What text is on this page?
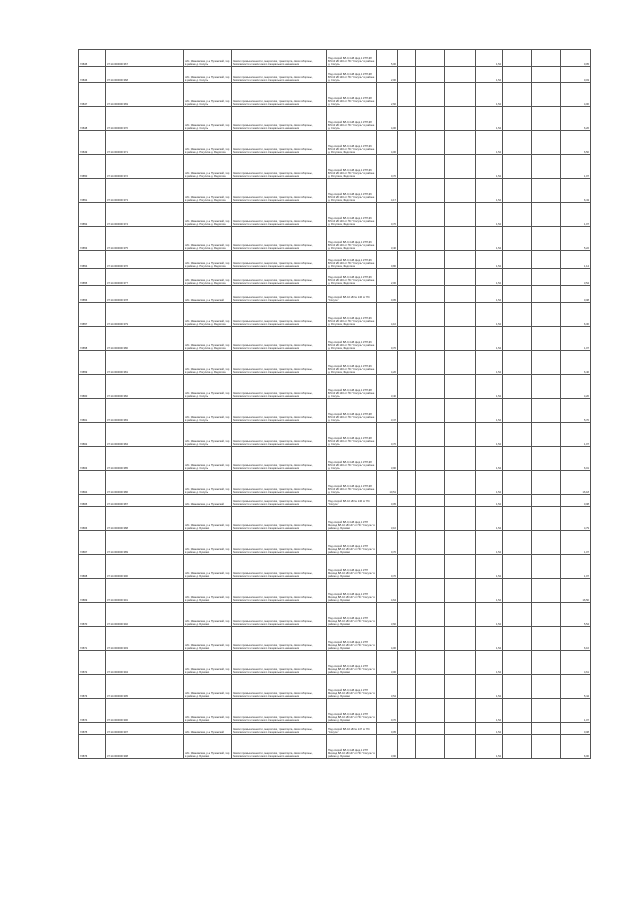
72845	37:14:000000:367	обл. Ивановская, р-н Пучежский, тер в районе д. Сосуль	Земли промышленности, энергетики, транспорта, связи обороны, безопасности и земли иного специального назначения	Под опорой ВЛ-0,4 кВ фид.1 КТП-98 ВЛ-10 кВ 146 от ПС "Сосуль" в районе д. Сосуль	5,00				1,54			0,05
72846	37:14:000000:368	обл. Ивановская, р-н Пучежский, тер в районе д. Сосуль	Земли промышленности, энергетики, транспорта, связи обороны, безопасности и земли иного специального назначения	Под опорой ВЛ-0,4 кВ фид.1 КТП-98 ВЛ-10 кВ 146 от ПС "Сосуль" в районе д. Сосуль	2,00				1,54			0,03
72847	37:14:000000:369	обл. Ивановская, р-н Пучежский, тер в районе д. Сосуль	Земли промышленности, энергетики, транспорта, связи обороны, безопасности и земли иного специального назначения	Под опорой ВЛ-0,4 кВ фид.1 КТП-98 ВЛ-10 кВ 146 от ПС "Сосуль" в районе д. Сосуль	2,60				1,54			4,00
72848	37:14:000000:370	обл. Ивановская, р-н Пучежский, тер в районе д. Сосуль	Земли промышленности, энергетики, транспорта, связи обороны, безопасности и земли иного специального назначения	Под опорой ВЛ-0,4 кВ фид.1 КТП-98 ВЛ-10 кВ 146 от ПС "Сосуль" в районе д. Сосуль	4,00				1,54			6,26
72849	37:14:000000:371	обл. Ивановская, р-н Пучежский, тер в районе д. Рогулиха д. Федотиха	Земли промышленности, энергетики, транспорта, связи обороны, безопасности и земли иного специального назначения	Под опорой ВЛ-0,4 кВ фид.1 КТП-96 ВЛ-10 кВ 146 от ПС "Сосуль" в районе д. Рогулиха, Федотиха	4,00				1,54			6,50
72850	37:14:000000:372	обл. Ивановская, р-н Пучежский, тер в районе д. Рогулиха д. Федотиха	Земли промышленности, энергетики, транспорта, связи обороны, безопасности и земли иного специального назначения	Под опорой ВЛ-0,4 кВ фид.1 КТП-96 ВЛ-10 кВ 146 от ПС "Сосуль" в районе д. Рогулиха, Федотиха	0,70				1,54			1,07
72851	37:14:000000:373	обл. Ивановская, р-н Пучежский, тер в районе д. Рогулиха д. Федотиха	Земли промышленности, энергетики, транспорта, связи обороны, безопасности и земли иного специального назначения	Под опорой ВЛ-0,4 кВ фид.1 КТП-96 ВЛ-10 кВ 146 от ПС "Сосуль" в районе д. Рогулиха, Федотиха	4,17				1,54			6,43
72852	37:14:000000:374	обл. Ивановская, р-н Пучежский, тер в районе д. Рогулиха д. Федотиха	Земли промышленности, энергетики, транспорта, связи обороны, безопасности и земли иного специального назначения	Под опорой ВЛ-0,4 кВ фид.1 КТП-96 ВЛ-10 кВ 146 от ПС "Сосуль" в районе д. Рогулиха, Федотиха	0,70				1,54			1,07
72853	37:14:000000:375	обл. Ивановская, р-н Пучежский, тер в районе д. Рогулиха д. Федотиха	Земли промышленности, энергетики, транспорта, связи обороны, безопасности и земли иного специального назначения	Под опорой ВЛ-0,4 кВ фид.1 КТП-96 ВЛ-10 кВ 146 от ПС "Сосуль" в районе д. Рогулиха, Федотиха	3,40				1,54			5,22
72854	37:14:000000:376	обл. Ивановская, р-н Пучежский, тер в районе д. Рогулиха д. Федотиха	Земли промышленности, энергетики, транспорта, связи обороны, безопасности и земли иного специального назначения	Под опорой ВЛ-0,4 кВ фид.1 КТП-96 ВЛ-10 кВ 146 от ПС "Сосуль" в районе д. Рогулиха, Федотиха	0,80				1,54			1,14
72855	37:14:000000:377	обл. Ивановская, р-н Пучежский, тер в районе д. Рогулиха д. Федотиха	Земли промышленности, энергетики, транспорта, связи обороны, безопасности и земли иного специального назначения	Под опорой ВЛ-0,4 кВ фид.1 КТП-96 ВЛ-10 кВ 146 от ПС "Сосуль" в районе д. Рогулиха, Федотиха	2,00				1,54			3,54
72856	37:14:000000:378	обл. Ивановская, р-н Пучежский	Земли промышленности, энергетики, транспорта, связи обороны, безопасности и земли иного специального назначения	Под опорой ВЛ-10 кВ № 146 от ПС "Сосуль"	0,05				1,54			0,08
72857	37:14:000000:379	обл. Ивановская, р-н Пучежский, тер в районе д. Рогулиха д. Федотиха	Земли промышленности, энергетики, транспорта, связи обороны, безопасности и земли иного специального назначения	Под опорой ВЛ-0,4 кВ фид.1 КТП-96 ВЛ-10 кВ 146 от ПС "Сосуль" в районе д. Рогулиха, Федотиха	4,10				1,54			6,30
72858	37:14:000000:380	обл. Ивановская, р-н Пучежский, тер в районе д. Рогулиха д. Федотиха	Земли промышленности, энергетики, транспорта, связи обороны, безопасности и земли иного специального назначения	Под опорой ВЛ-0,4 кВ фид.1 КТП-96 ВЛ-10 кВ 146 от ПС "Сосуль" в районе д. Рогулиха, Федотиха	0,70				1,54			1,07
72859	37:14:000000:381	обл. Ивановская, р-н Пучежский, тер в районе д. Рогулиха д. Федотиха	Земли промышленности, энергетики, транспорта, связи обороны, безопасности и земли иного специального назначения	Под опорой ВЛ-0,4 кВ фид.1 КТП-96 ВЛ-10 кВ 146 от ПС "Сосуль" в районе д. Рогулиха, Федотиха	4,20				1,54			6,46
72860	37:14:000000:382	обл. Ивановская, р-н Пучежский, тер в районе д. Сосуль	Земли промышленности, энергетики, транспорта, связи обороны, безопасности и земли иного специального назначения	Под опорой ВЛ-0,4 кВ фид.1 КТП-98 ВЛ-10 кВ 146 от ПС "Сосуль" в районе д. Сосуль	3,40				1,54			4,20
72861	37:14:000000:383	обл. Ивановская, р-н Пучежский, тер в районе д. Сосуль	Земли промышленности, энергетики, транспорта, связи обороны, безопасности и земли иного специального назначения	Под опорой ВЛ-0,4 кВ фид.1 КТП-98 ВЛ-10 кВ 146 от ПС "Сосуль" в районе д. Сосуль	3,47				1,54			5,70
72862	37:14:000000:384	обл. Ивановская, р-н Пучежский, тер в районе д. Сосуль	Земли промышленности, энергетики, транспорта, связи обороны, безопасности и земли иного специального назначения	Под опорой ВЛ-0,4 кВ фид.1 КТП-98 ВЛ-10 кВ 146 от ПС "Сосуль" в районе д. Сосуль	0,70				1,54			1,07
72863	37:14:000000:385	обл. Ивановская, р-н Пучежский, тер в районе д. Сосуль	Земли промышленности, энергетики, транспорта, связи обороны, безопасности и земли иного специального назначения	Под опорой ВЛ-0,4 кВ фид.1 КТП-98 ВЛ-10 кВ 146 от ПС "Сосуль" в районе д. Сосуль	3,90				1,54			6,01
72864	37:14:000000:386	обл. Ивановская, р-н Пучежский, тер в районе д. Сосуль	Земли промышленности, энергетики, транспорта, связи обороны, безопасности и земли иного специального назначения	Под опорой ВЛ-0,4 кВ фид.1 КТП-98 ВЛ-10 кВ 146 от ПС "Сосуль" в районе д. Сосуль	10,51				1,54			16,18
72865	37:14:000000:387	обл. Ивановская, р-н Пучежский	Земли промышленности, энергетики, транспорта, связи обороны, безопасности и земли иного специального назначения	Под опорой ВЛ-10 кВ № 146 от ПС "Сосуль"	0,05				1,54			0,08
72866	37:14:000000:388	обл. Ивановская, р-н Пучежский, тер в районе д. Бунково	Земли промышленности, энергетики, транспорта, связи обороны, безопасности и земли иного специального назначения	Под опорой ВЛ-0,4 кВ фид.1 КТП Мехсад ВЛ-10 кВ 147 от ПС "Сосуль" в районе д. Бунково	3,10				1,54			4,79
72867	37:14:000000:389	обл. Ивановская, р-н Пучежский, тер в районе д. Бунково	Земли промышленности, энергетики, транспорта, связи обороны, безопасности и земли иного специального назначения	Под опорой ВЛ-0,4 кВ фид.1 КТП Мехсад ВЛ-10 кВ 147 от ПС "Сосуль" в районе д. Бунково	0,70				1,54			1,07
72868	37:14:000000:390	обл. Ивановская, р-н Пучежский, тер в районе д. Бунково	Земли промышленности, энергетики, транспорта, связи обороны, безопасности и земли иного специального назначения	Под опорой ВЛ-0,4 кВ фид.1 КТП Мехсад ВЛ-10 кВ 147 от ПС "Сосуль" в районе д. Бунково	0,70				1,54			1,07
72869	37:14:000000:391	обл. Ивановская, р-н Пучежский, тер в районе д. Бунково	Земли промышленности, энергетики, транспорта, связи обороны, безопасности и земли иного специального назначения	Под опорой ВЛ-0,4 кВ фид.1 КТП Мехсад ВЛ-10 кВ 147 от ПС "Сосуль" в районе д. Бунково	4,64				1,54			16,50
72870	37:14:000000:392	обл. Ивановская, р-н Пучежский, тер в районе д. Бунково	Земли промышленности, энергетики, транспорта, связи обороны, безопасности и земли иного специального назначения	Под опорой ВЛ-0,4 кВ фид.1 КТП Мехсад ВЛ-10 кВ 147 от ПС "Сосуль" в районе д. Бунково	3,60				1,54			5,54
72871	37:14:000000:393	обл. Ивановская, р-н Пучежский, тер в районе д. Бунково	Земли промышленности, энергетики, транспорта, связи обороны, безопасности и земли иного специального назначения	Под опорой ВЛ-0,4 кВ фид.1 КТП Мехсад ВЛ-10 кВ 147 от ПС "Сосуль" в районе д. Бунково	4,00				1,54			6,16
72872	37:14:000000:394	обл. Ивановская, р-н Пучежский, тер в районе д. Бунково	Земли промышленности, энергетики, транспорта, связи обороны, безопасности и земли иного специального назначения	Под опорой ВЛ-0,4 кВ фид.1 КТП Мехсад ВЛ-10 кВ 147 от ПС "Сосуль" в районе д. Бунково	3,00				1,54			4,61
72873	37:14:000000:395	обл. Ивановская, р-н Пучежский, тер в районе д. Бунково	Земли промышленности, энергетики, транспорта, связи обороны, безопасности и земли иного специального назначения	Под опорой ВЛ-0,4 кВ фид.1 КТП Мехсад ВЛ-10 кВ 147 от ПС "Сосуль" в районе д. Бунково	3,54				1,54			5,44
72874	37:14:000000:396	обл. Ивановская, р-н Пучежский, тер в районе д. Бунково	Земли промышленности, энергетики, транспорта, связи обороны, безопасности и земли иного специального назначения	Под опорой ВЛ-0,4 кВ фид.1 КТП Мехсад ВЛ-10 кВ 147 от ПС "Сосуль" в районе д. Бунково	0,70				1,54			1,07
72875	37:14:000000:397	обл. Ивановская, р-н Пучежский	Земли промышленности, энергетики, транспорта, связи обороны, безопасности и земли иного специального назначения	Под опорой ВЛ-10 кВ № 147 от ПС "Сосуль"	0,05				1,54			0,08
72876	37:14:000000:398	обл. Ивановская, р-н Пучежский, тер в районе д. Бунково	Земли промышленности, энергетики, транспорта, связи обороны, безопасности и земли иного специального назначения	Под опорой ВЛ-0,4 кВ фид.1 КТП Мехсад ВЛ-10 кВ 147 от ПС "Сосуль" в районе д. Бунково	3,90				1,54			6,00
